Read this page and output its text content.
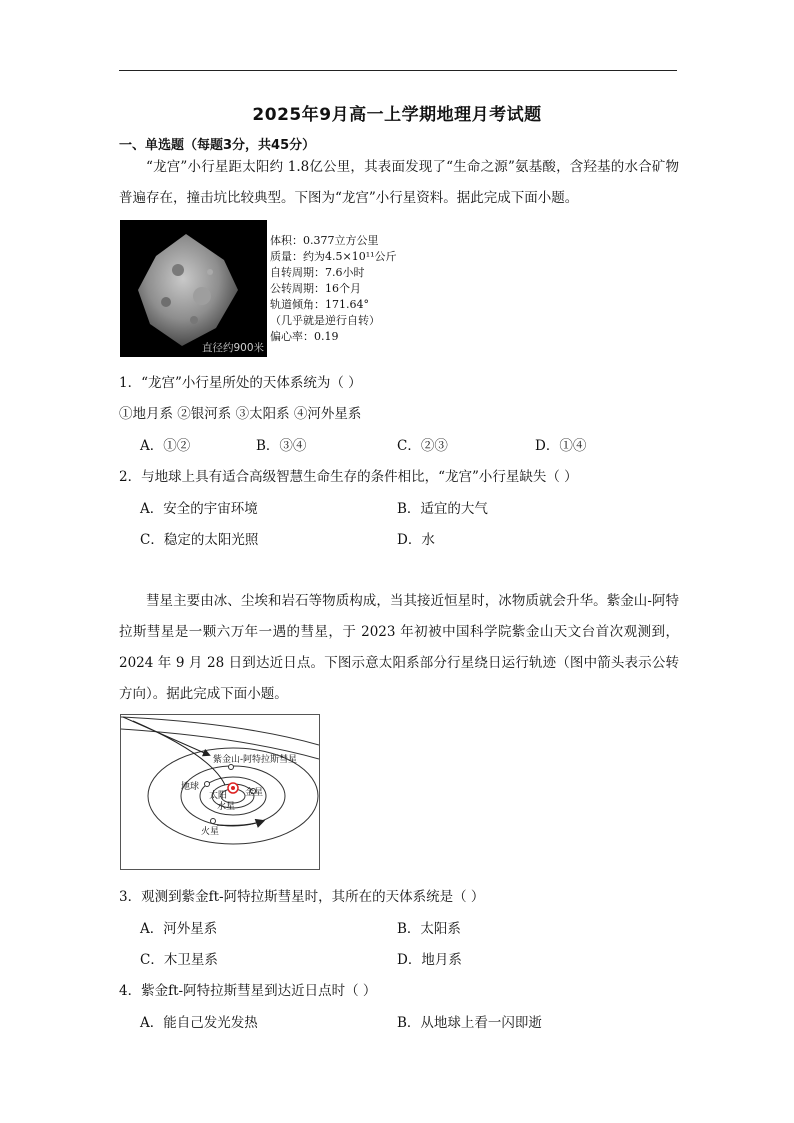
2025年9月高一上学期地理月考试题
一、单选题（每题3分，共45分）
“龙宫”小行星距太阳约 1.8亿公里，其表面发现了“生命之源”氨基酸，含羟基的水合矿物普遍存在，撞击坑比较典型。下图为“龙宫”小行星资料。据此完成下面小题。
直径约900米
体积：0.377立方公里
质量：约为4.5×10¹¹公斤
自转周期：7.6小时
公转周期：16个月
轨道倾角：171.64°
（几乎就是逆行自转）
偏心率：0.19
1．“龙宫”小行星所处的天体系统为（ ）
①地月系 ②银河系 ③太阳系 ④河外星系
A．①②	B．③④	C．②③	D．①④
2．与地球上具有适合高级智慧生命生存的条件相比，“龙宫”小行星缺失（ ）
A．安全的宇宙环境	B．适宜的大气
C．稳定的太阳光照	D．水
彗星主要由冰、尘埃和岩石等物质构成，当其接近恒星时，冰物质就会升华。紫金山-阿特拉斯彗星是一颗六万年一遇的彗星，于 2023 年初被中国科学院紫金山天文台首次观测到，2024 年 9 月 28 日到达近日点。下图示意太阳系部分行星绕日运行轨迹（图中箭头表示公转方向）。据此完成下面小题。
紫金山-阿特拉斯彗星
地球
太阳
水星
金星
火星
3．观测到紫金ft-阿特拉斯彗星时，其所在的天体系统是（ ）
A．河外星系	B．太阳系
C．木卫星系	D．地月系
4．紫金ft-阿特拉斯彗星到达近日点时（ ）
A．能自己发光发热	B．从地球上看一闪即逝
